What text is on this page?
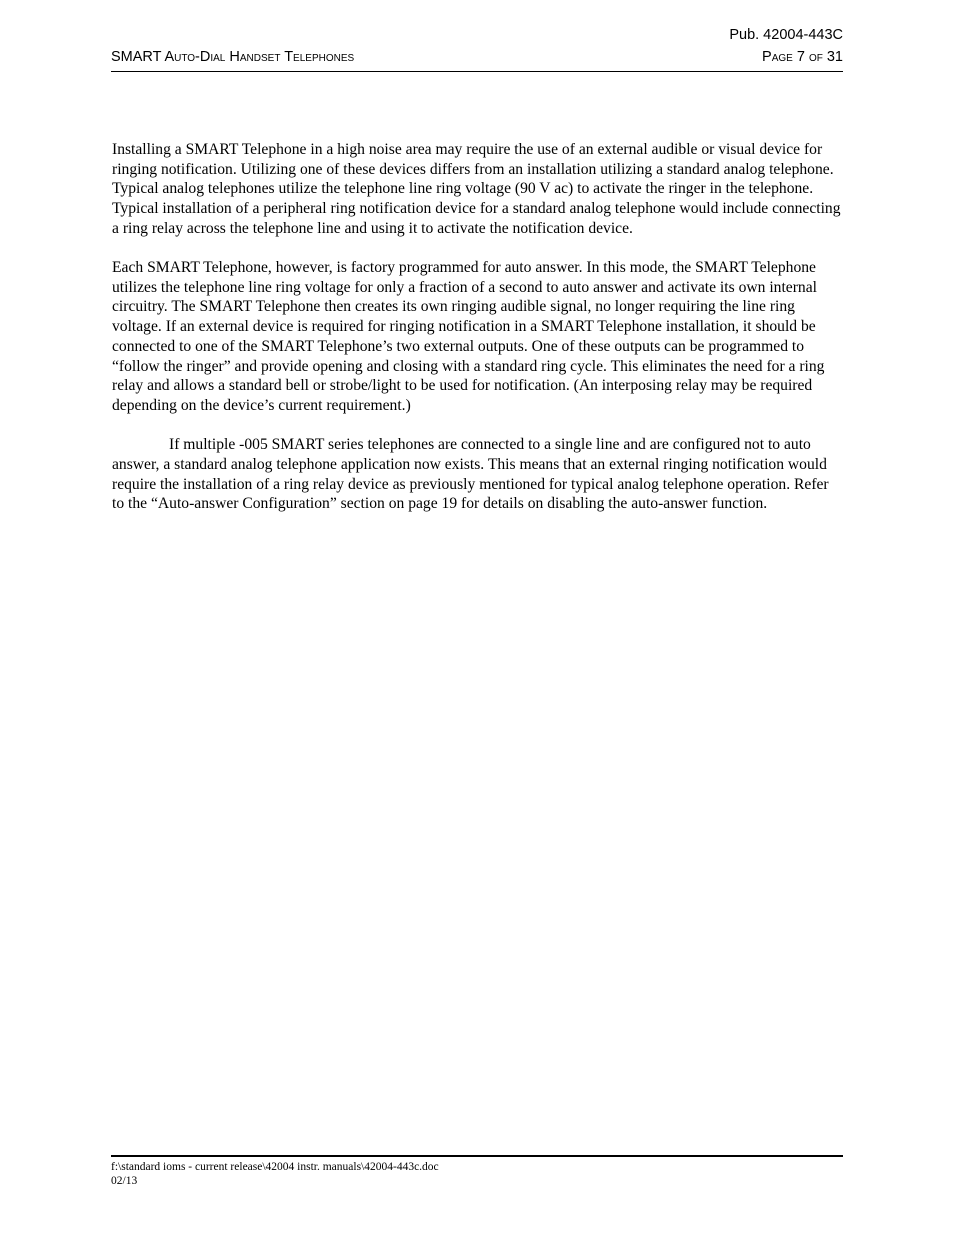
Pub. 42004-443C
SMART Auto-Dial Handset Telephones	Page 7 of 31

Installing a SMART Telephone in a high noise area may require the use of an external audible or visual device for ringing notification. Utilizing one of these devices differs from an installation utilizing a standard analog telephone. Typical analog telephones utilize the telephone line ring voltage (90 V ac) to activate the ringer in the telephone. Typical installation of a peripheral ring notification device for a standard analog telephone would include connecting a ring relay across the telephone line and using it to activate the notification device.

Each SMART Telephone, however, is factory programmed for auto answer. In this mode, the SMART Telephone utilizes the telephone line ring voltage for only a fraction of a second to auto answer and activate its own internal circuitry. The SMART Telephone then creates its own ringing audible signal, no longer requiring the line ring voltage. If an external device is required for ringing notification in a SMART Telephone installation, it should be connected to one of the SMART Telephone’s two external outputs. One of these outputs can be programmed to “follow the ringer” and provide opening and closing with a standard ring cycle. This eliminates the need for a ring relay and allows a standard bell or strobe/light to be used for notification. (An interposing relay may be required depending on the device’s current requirement.)

If multiple -005 SMART series telephones are connected to a single line and are configured not to auto answer, a standard analog telephone application now exists. This means that an external ringing notification would require the installation of a ring relay device as previously mentioned for typical analog telephone operation. Refer to the “Auto-answer Configuration” section on page 19 for details on disabling the auto-answer function.

f:\standard ioms - current release\42004 instr. manuals\42004-443c.doc
02/13
